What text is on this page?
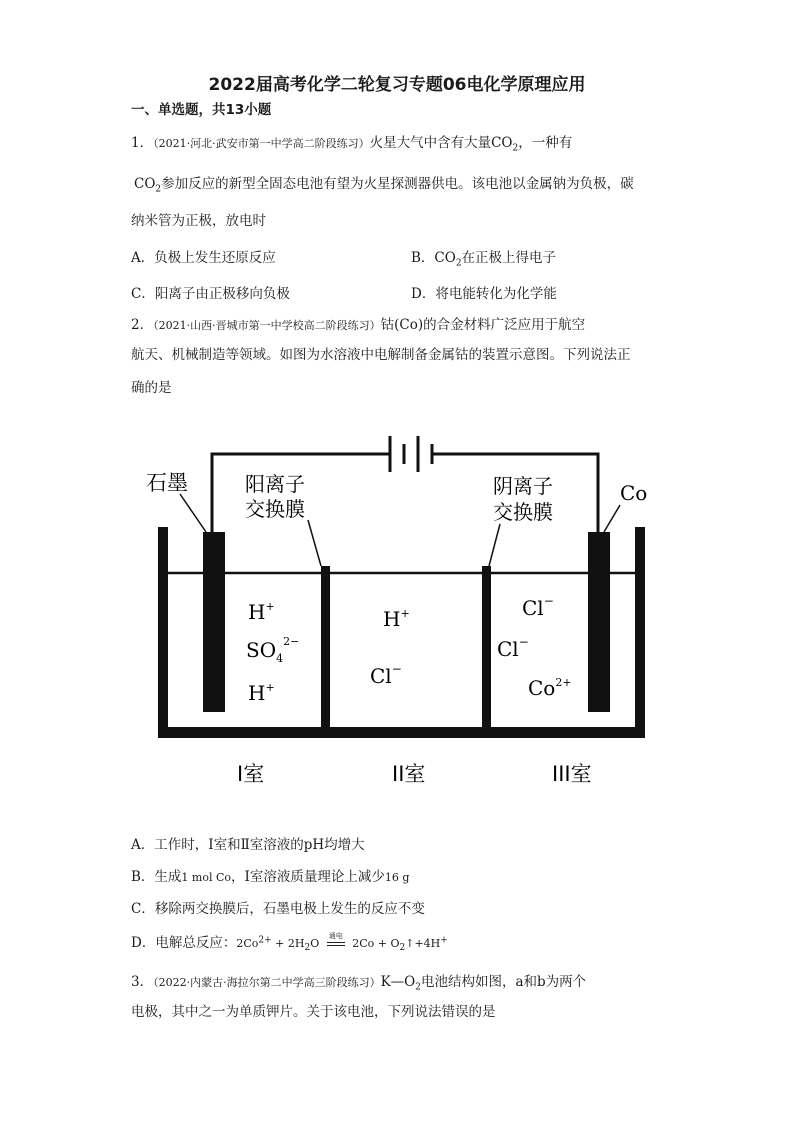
2022届高考化学二轮复习专题06电化学原理应用
一、单选题，共13小题
1．（2021·河北·武安市第一中学高二阶段练习）火星大气中含有大量$CO_2$，一种有
$CO_2$参加反应的新型全固态电池有望为火星探测器供电。该电池以金属钠为负极，碳
纳米管为正极，放电时
A．负极上发生还原反应	B．$CO_2$在正极上得电子
C．阳离子由正极移向负极	D．将电能转化为化学能
2．（2021·山西·晋城市第一中学校高二阶段练习）钴(Co)的合金材料广泛应用于航空
航天、机械制造等领域。如图为水溶液中电解制备金属钴的装置示意图。下列说法正
确的是
石墨	阳离子
交换膜
阴离子
交换膜
Co
H+
$SO_4^{2-}$
H+
H+
Cl−
Cl−
Cl−
$Co^{2+}$
I室	II室	III室
A．工作时，Ⅰ室和Ⅱ室溶液的pH均增大
B．生成1 mol Co，Ⅰ室溶液质量理论上减少16 g
C．移除两交换膜后，石墨电极上发生的反应不变
D．电解总反应：$2Co^{2+} + 2H_2O$
通电
$2Co + O_2↑+4H^+$
3．（2022·内蒙古·海拉尔第二中学高三阶段练习）$K—O_2$电池结构如图，a和b为两个
电极，其中之一为单质钾片。关于该电池，下列说法错误的是
